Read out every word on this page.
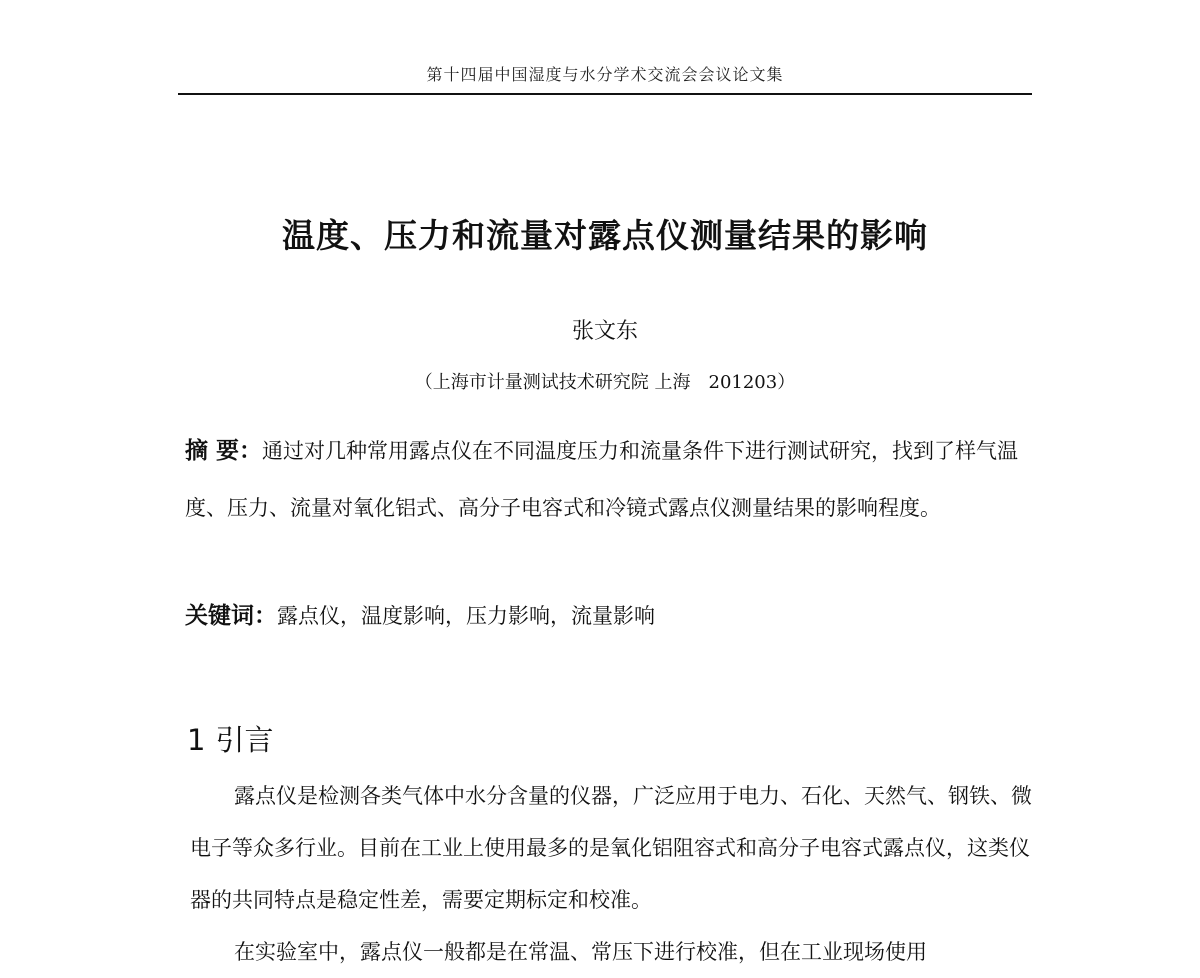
第十四届中国湿度与水分学术交流会会议论文集
温度、压力和流量对露点仪测量结果的影响
张文东
（上海市计量测试技术研究院 上海　201203）

摘 要：通过对几种常用露点仪在不同温度压力和流量条件下进行测试研究，找到了样气温度、压力、流量对氧化铝式、高分子电容式和冷镜式露点仪测量结果的影响程度。

关键词：露点仪，温度影响，压力影响，流量影响

1 引言

露点仪是检测各类气体中水分含量的仪器，广泛应用于电力、石化、天然气、钢铁、微电子等众多行业。目前在工业上使用最多的是氧化铝阻容式和高分子电容式露点仪，这类仪器的共同特点是稳定性差，需要定期标定和校准。

在实验室中，露点仪一般都是在常温、常压下进行校准，但在工业现场使用
